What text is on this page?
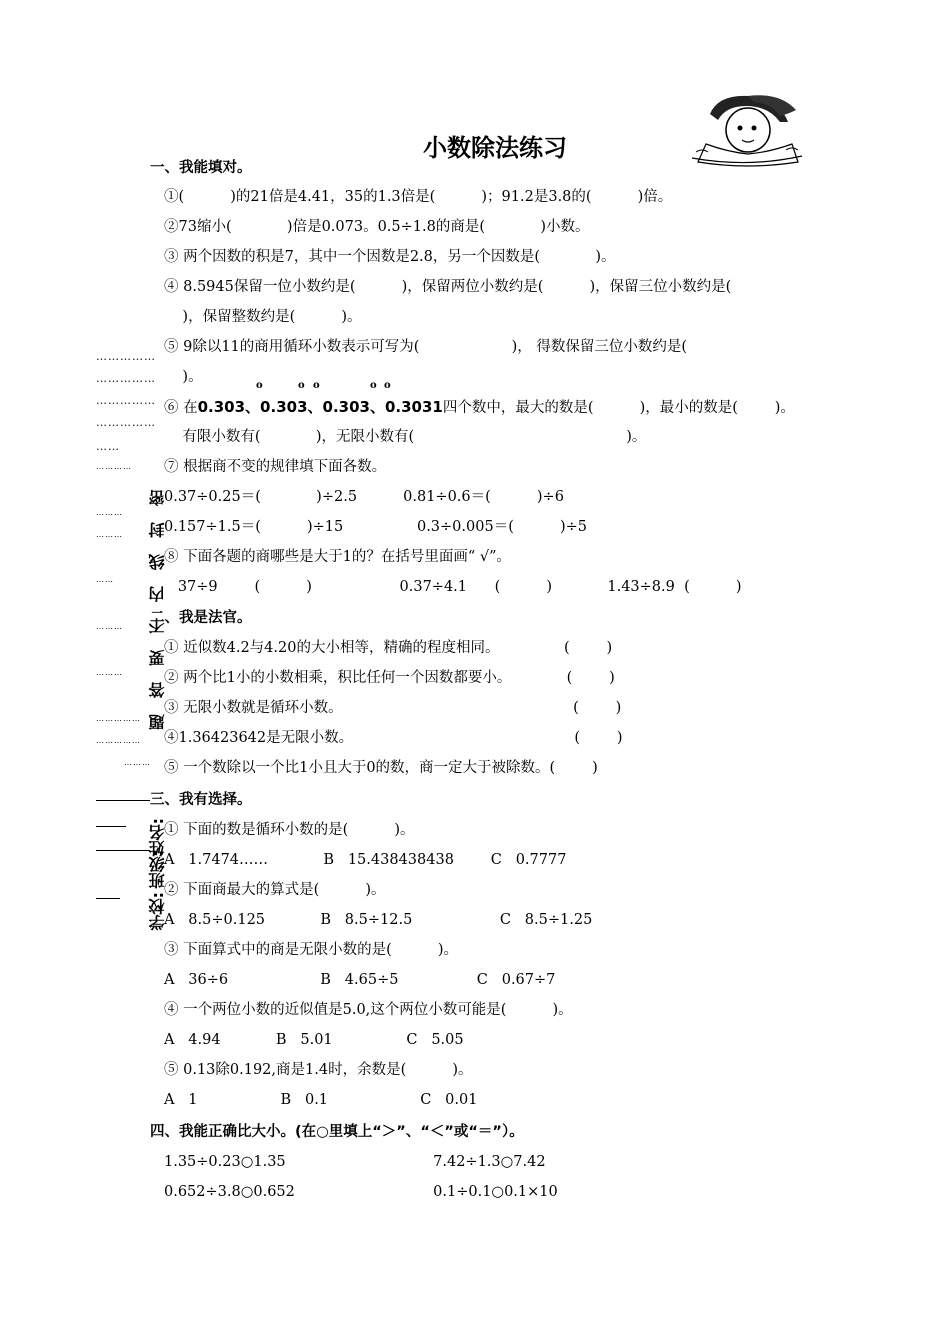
小数除法练习
……………
……………
……………
……………
……
…………
………
………
……
………
………
……………
……………
………
題答要不内线封密
姓名:
班级:
学校:
一、我能填对。
①(          )的21倍是4.41，35的1.3倍是(          )；91.2是3.8的(          )倍。
②73缩小(            )倍是0.073。0.5÷1.8的商是(            )小数。
③ 两个因数的积是7，其中一个因数是2.8，另一个因数是(            )。
④ 8.5945保留一位小数约是(          )，保留两位小数约是(          )，保留三位小数约是(
)，保留整数约是(          )。
⑤ 9除以11的商用循环小数表示可写为(                    )， 得数保留三位小数约是(
)。
o	o o	o o
⑥ 在0.303、0.303、0.303、0.3031四个数中，最大的数是(          )，最小的数是(        )。
有限小数有(            )，无限小数有(                                              )。
⑦ 根据商不变的规律填下面各数。
0.37÷0.25＝(            )÷2.5          0.81÷0.6＝(          )÷6
0.157÷1.5＝(          )÷15                0.3÷0.005＝(          )÷5
⑧ 下面各题的商哪些是大于1的？在括号里面画“ √”。
37÷9        (          )                   0.37÷4.1      (          )            1.43÷8.9  (          )
二、我是法官。
① 近似数4.2与4.20的大小相等，精确的程度相同。              (        )
② 两个比1小的小数相乘，积比任何一个因数都要小。            (        )
③ 无限小数就是循环小数。                                                  (        )
④1.36423642是无限小数。                                                (        )
⑤ 一个数除以一个比1小且大于0的数，商一定大于被除数。(        )
三、我有选择。
① 下面的数是循环小数的是(          )。
A   1.7474……            B   15.438438438        C   0.7777
② 下面商最大的算式是(          )。
A   8.5÷0.125            B   8.5÷12.5                   C   8.5÷1.25
③ 下面算式中的商是无限小数的是(          )。
A   36÷6                    B   4.65÷5                 C   0.67÷7
④ 一个两位小数的近似值是5.0,这个两位小数可能是(          )。
A   4.94            B   5.01                C   5.05
⑤ 0.13除0.192,商是1.4时，余数是(          )。
A   1                  B   0.1                    C   0.01
四、我能正确比大小。(在○里填上“＞”、“＜”或“＝”）。
1.35÷0.23○1.35                                7.42÷1.3○7.42
0.652÷3.8○0.652                              0.1÷0.1○0.1×10
